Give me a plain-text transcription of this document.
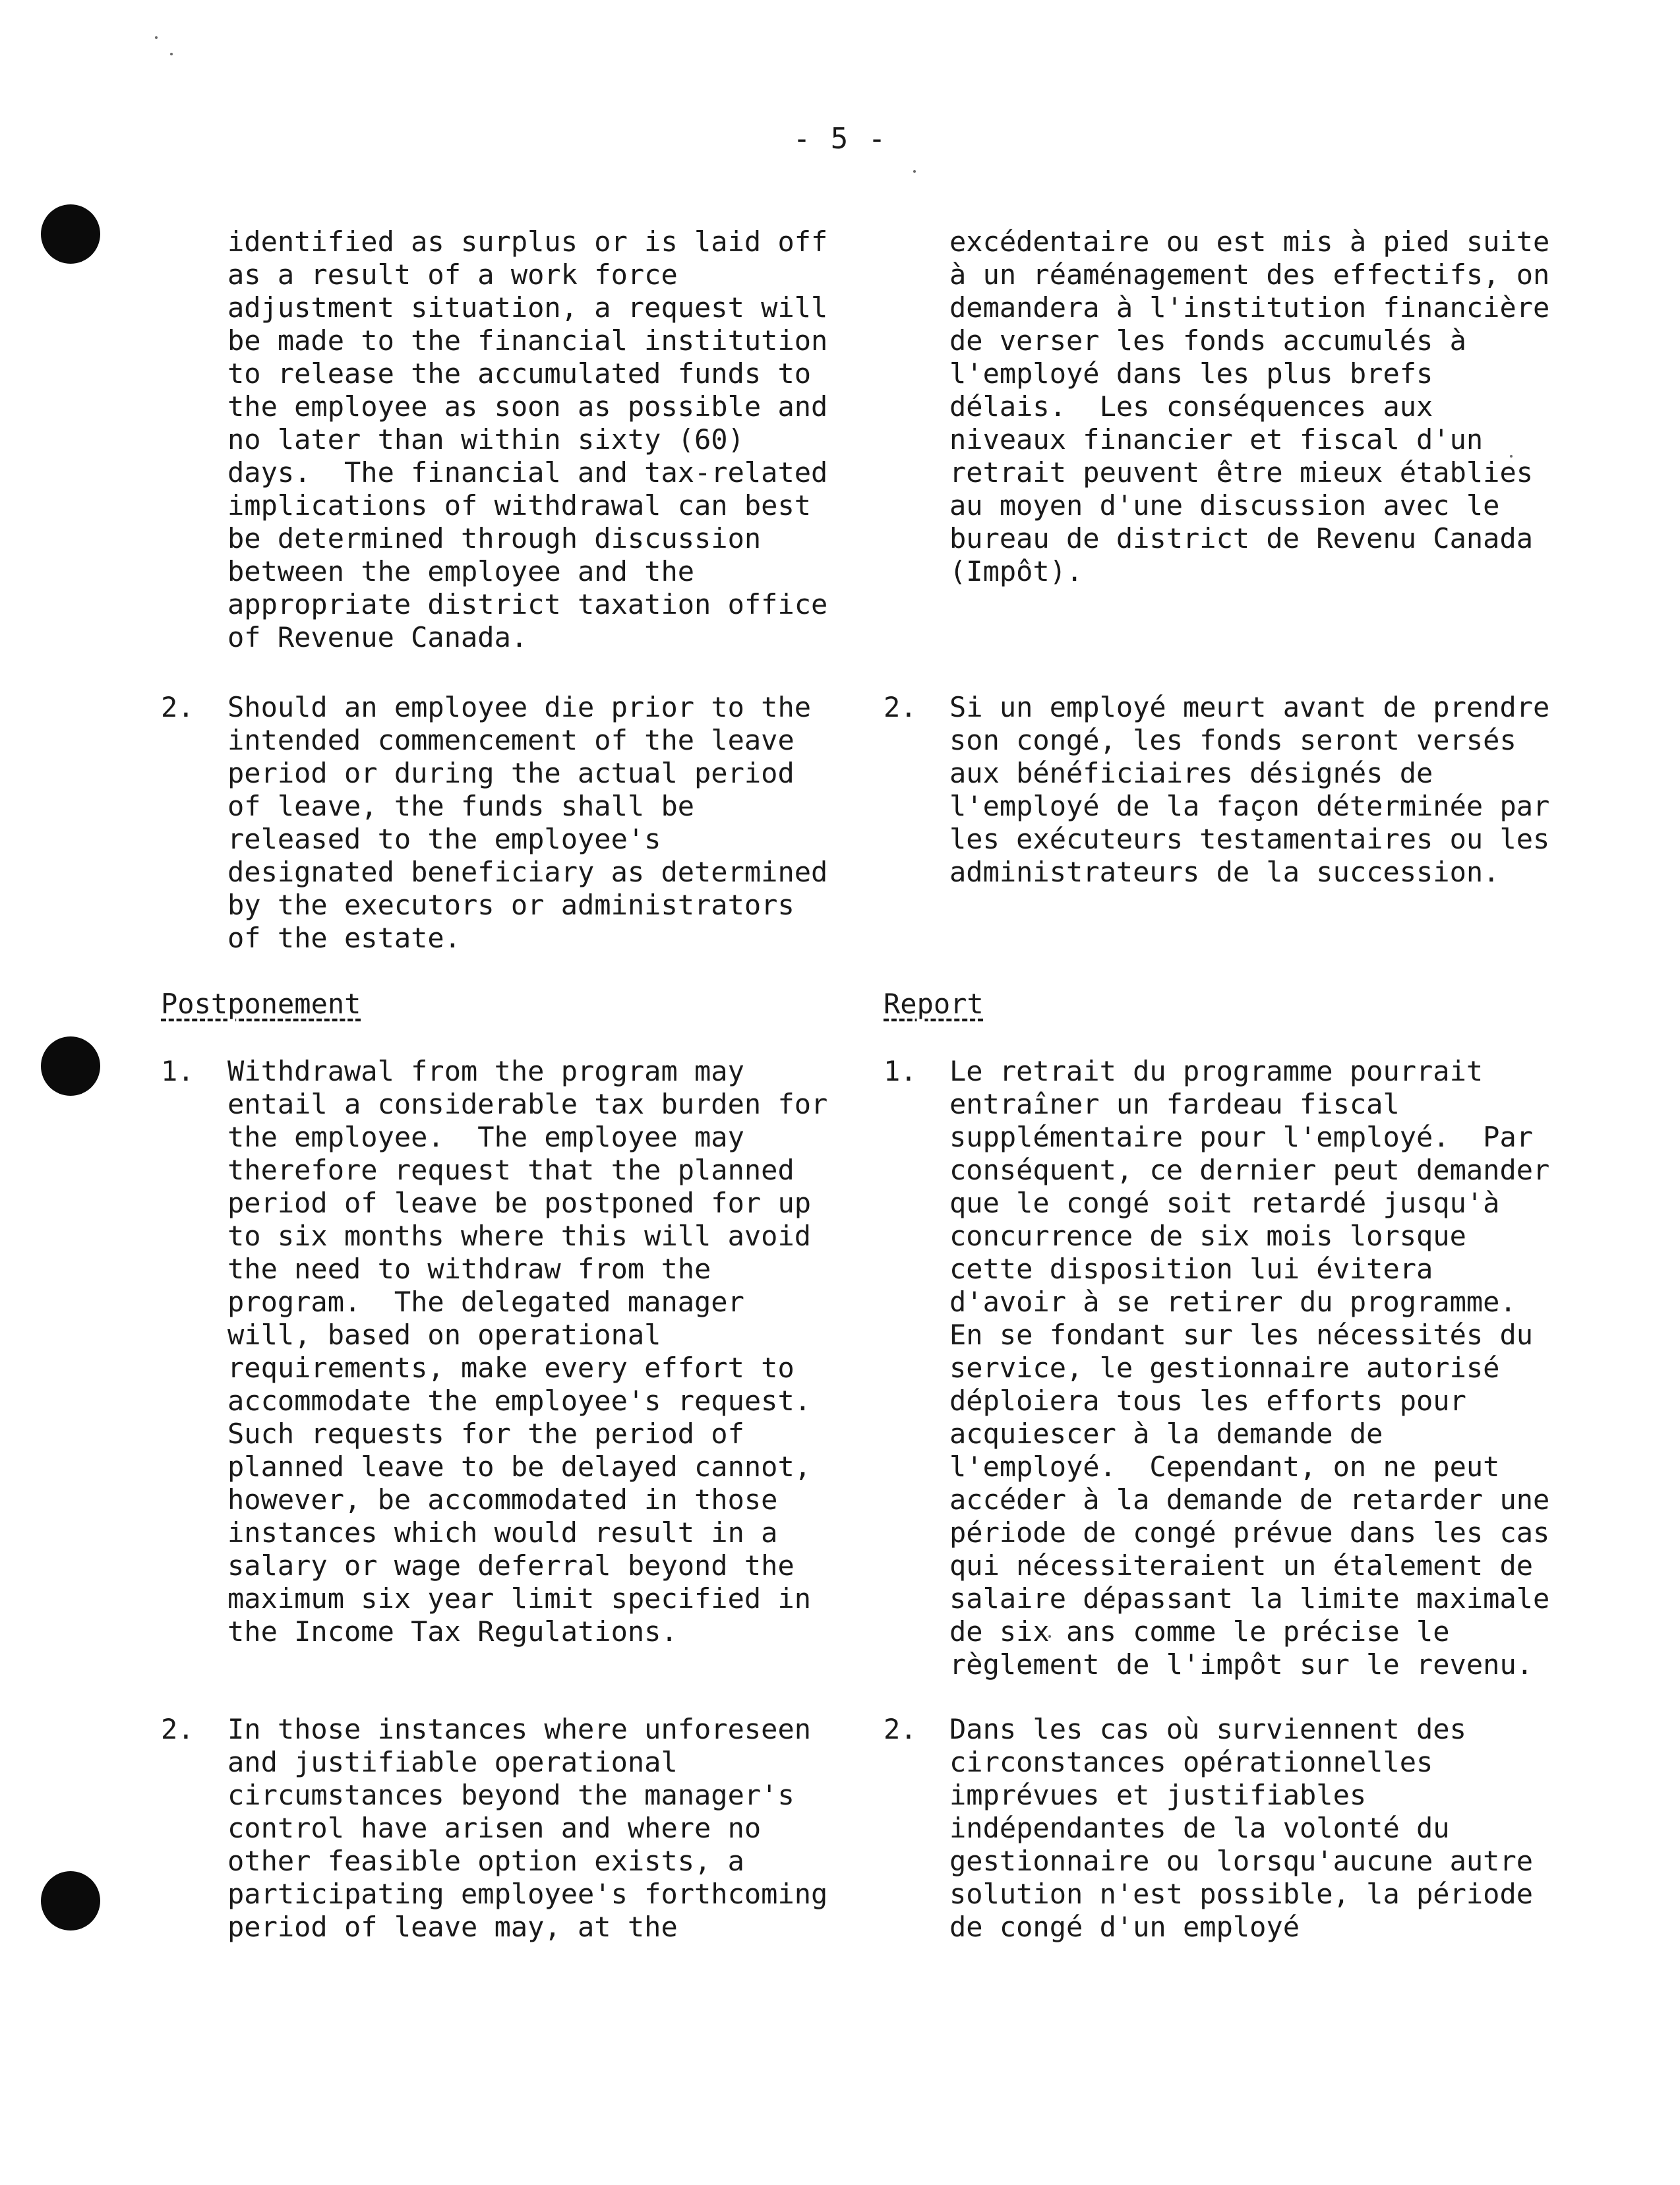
- 5 -
identified as surplus or is laid off
as a result of a work force
adjustment situation, a request will
be made to the financial institution
to release the accumulated funds to
the employee as soon as possible and
no later than within sixty (60)
days.  The financial and tax-related
implications of withdrawal can best
be determined through discussion
between the employee and the
appropriate district taxation office
of Revenue Canada.
2. Should an employee die prior to the
intended commencement of the leave
period or during the actual period
of leave, the funds shall be
released to the employee's
designated beneficiary as determined
by the executors or administrators
of the estate.
Postponement
1. Withdrawal from the program may
entail a considerable tax burden for
the employee.  The employee may
therefore request that the planned
period of leave be postponed for up
to six months where this will avoid
the need to withdraw from the
program.  The delegated manager
will, based on operational
requirements, make every effort to
accommodate the employee's request.
Such requests for the period of
planned leave to be delayed cannot,
however, be accommodated in those
instances which would result in a
salary or wage deferral beyond the
maximum six year limit specified in
the Income Tax Regulations.
2. In those instances where unforeseen
and justifiable operational
circumstances beyond the manager's
control have arisen and where no
other feasible option exists, a
participating employee's forthcoming
period of leave may, at the
excédentaire ou est mis à pied suite
à un réaménagement des effectifs, on
demandera à l'institution financière
de verser les fonds accumulés à
l'employé dans les plus brefs
délais.  Les conséquences aux
niveaux financier et fiscal d'un
retrait peuvent être mieux établies
au moyen d'une discussion avec le
bureau de district de Revenu Canada
(Impôt).
2. Si un employé meurt avant de prendre
son congé, les fonds seront versés
aux bénéficiaires désignés de
l'employé de la façon déterminée par
les exécuteurs testamentaires ou les
administrateurs de la succession.
Report
1. Le retrait du programme pourrait
entraîner un fardeau fiscal
supplémentaire pour l'employé.  Par
conséquent, ce dernier peut demander
que le congé soit retardé jusqu'à
concurrence de six mois lorsque
cette disposition lui évitera
d'avoir à se retirer du programme.
En se fondant sur les nécessités du
service, le gestionnaire autorisé
déploiera tous les efforts pour
acquiescer à la demande de
l'employé.  Cependant, on ne peut
accéder à la demande de retarder une
période de congé prévue dans les cas
qui nécessiteraient un étalement de
salaire dépassant la limite maximale
de six ans comme le précise le
règlement de l'impôt sur le revenu.
2. Dans les cas où surviennent des
circonstances opérationnelles
imprévues et justifiables
indépendantes de la volonté du
gestionnaire ou lorsqu'aucune autre
solution n'est possible, la période
de congé d'un employé
